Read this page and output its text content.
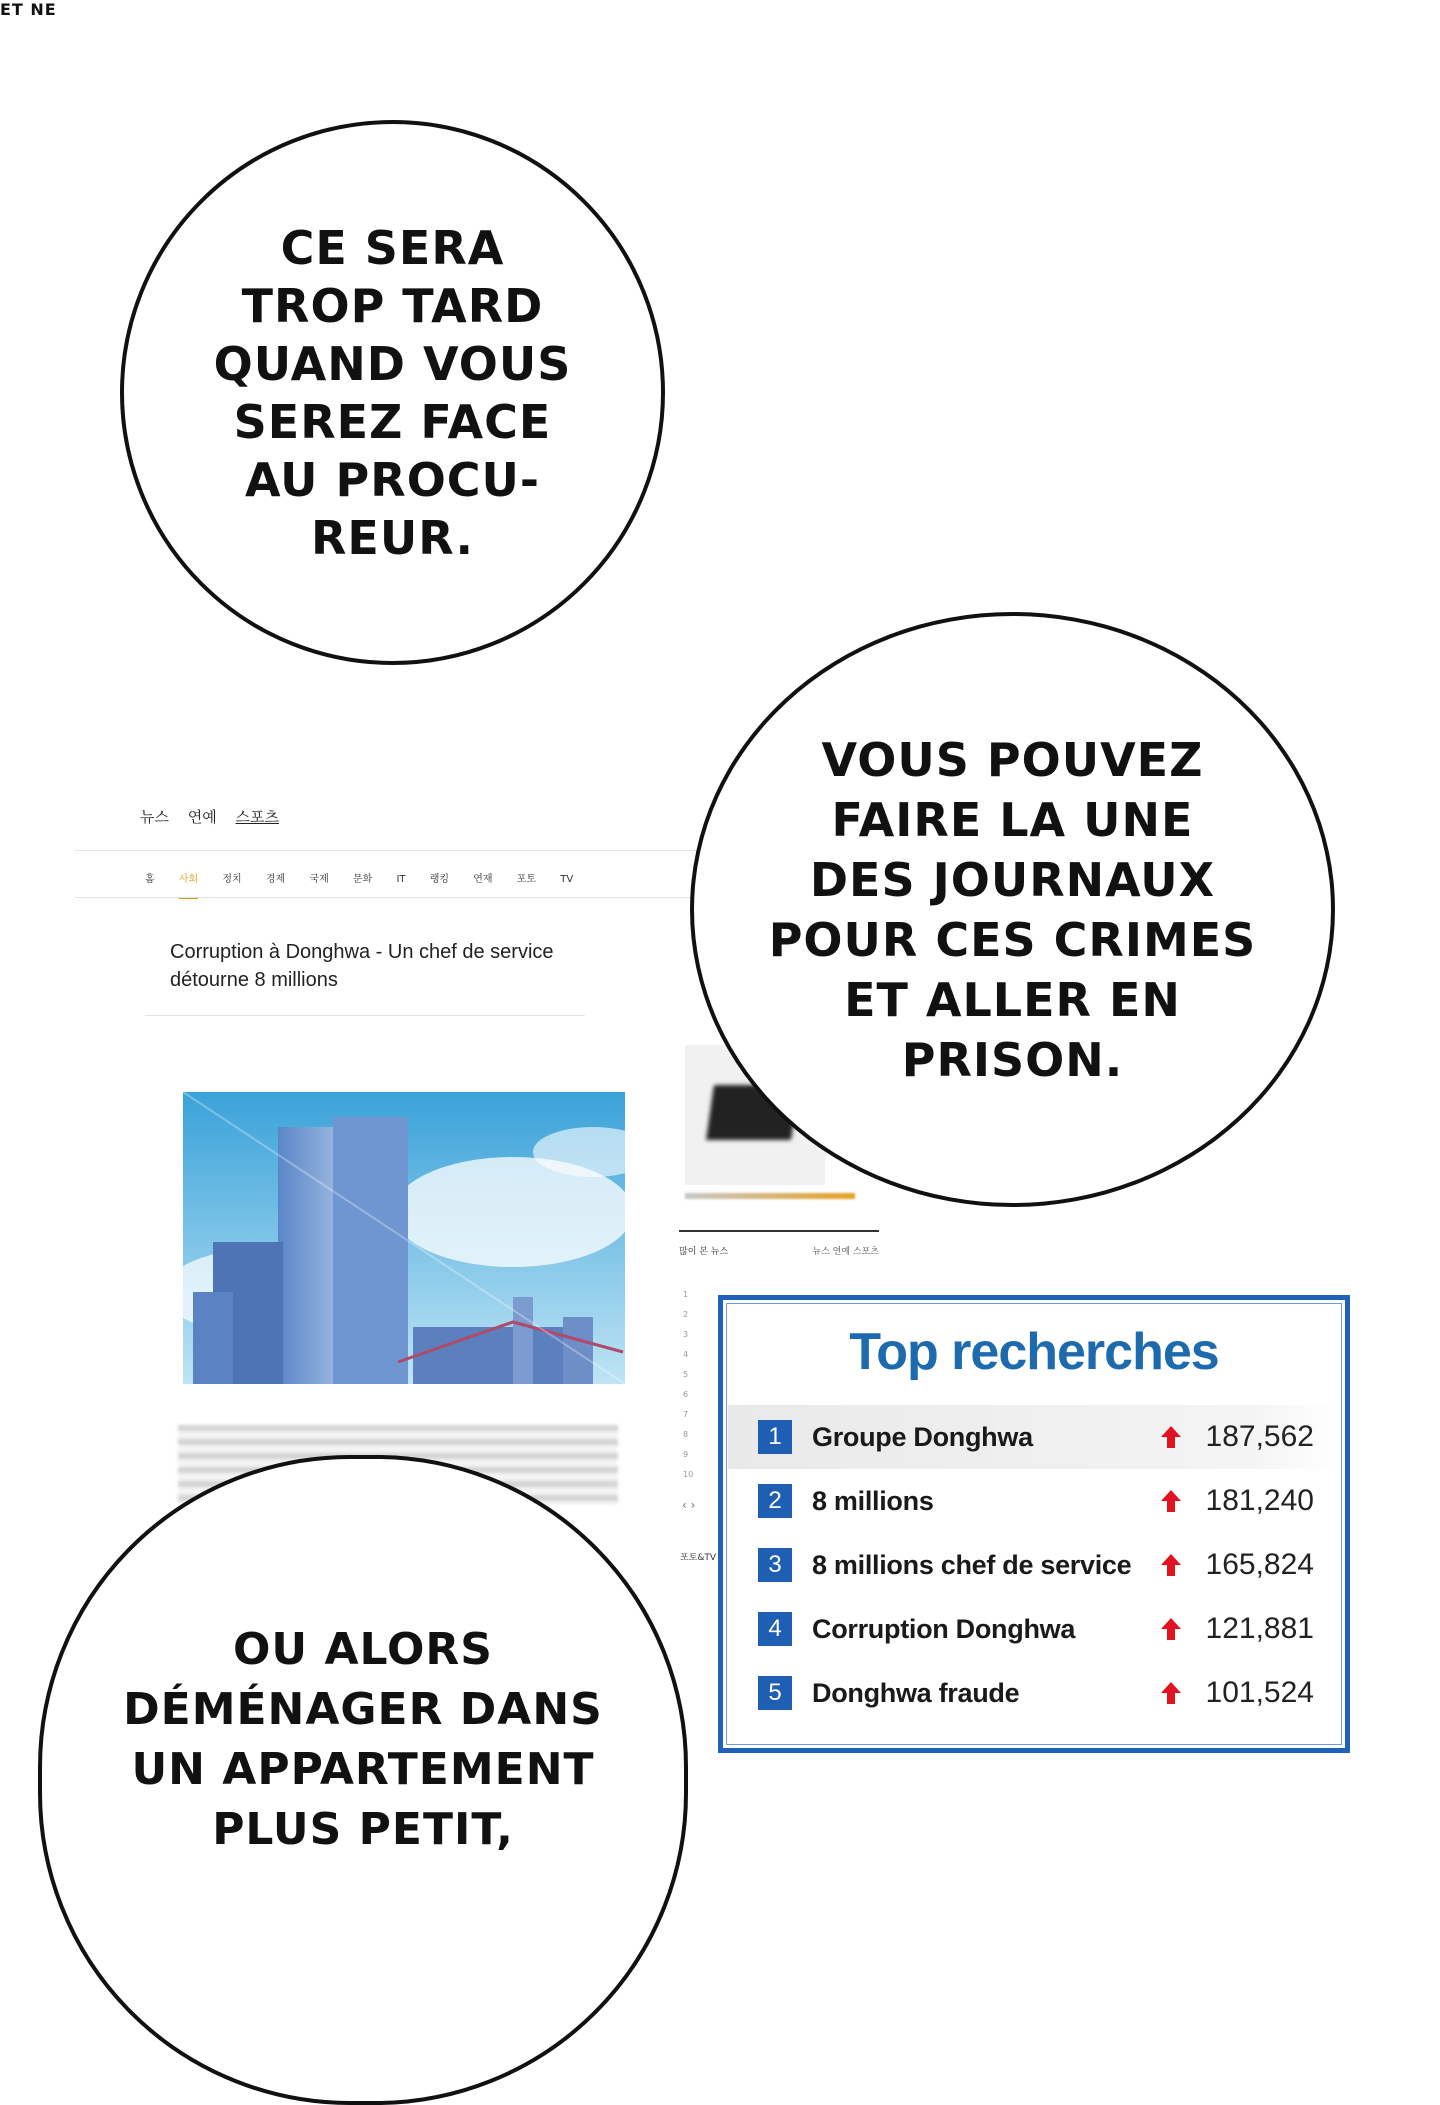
CE SERA
TROP TARD
QUAND VOUS
SEREZ FACE
AU PROCU-
REUR.
뉴스 연예 스포츠
홈 사회 정치 경제 국제 문화 IT 랭킹 연재 포토 TV
Corruption à Donghwa - Un chef de service
détourne 8 millions
많이 본 뉴스	뉴스 연예 스포츠
1
2
3
4
5
6
7
8
9
10
‹ ›
포토&TV
VOUS POUVEZ
FAIRE LA UNE
DES JOURNAUX
POUR CES CRIMES
ET ALLER EN
PRISON.
Top recherches
1	Groupe Donghwa	187,562
2	8 millions	181,240
3	8 millions chef de service	165,824
4	Corruption Donghwa	121,881
5	Donghwa fraude	101,524
OU ALORS
DÉMÉNAGER DANS
UN APPARTEMENT
PLUS PETIT,
ET NE
